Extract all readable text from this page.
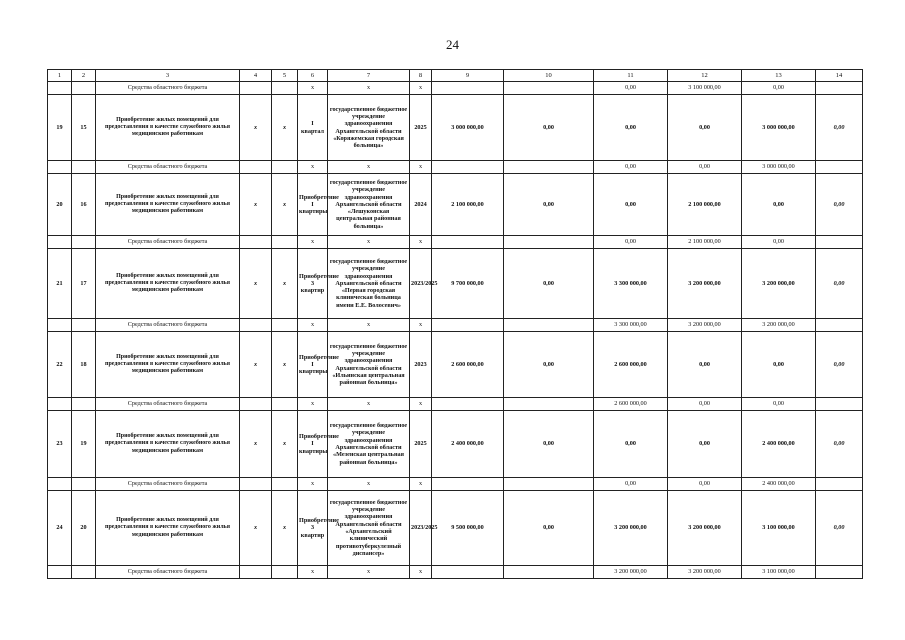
24
1	2	3	4	5	6	7	8	9	10	11	12	13	14
		Средства областного бюджета			х	х	х			0,00	3 100 000,00	0,00	
19	15	Приобретение жилых помещений для предоставления в качестве служебного жилья медицинским работникам	х	х	I квартал	государственное бюджетное учреждение здравоохранения Архангельской области «Коряжемская городская больница»	2025	3 000 000,00	0,00	0,00	0,00	3 000 000,00	0,00
		Средства областного бюджета			х	х	х			0,00	0,00	3 000 000,00	
20	16	Приобретение жилых помещений для предоставления в качестве служебного жилья медицинским работникам	х	х	Приобретение I квартиры	государственное бюджетное учреждение здравоохранения Архангельской области «Лешуконская центральная районная больница»	2024	2 100 000,00	0,00	0,00	2 100 000,00	0,00	0,00
		Средства областного бюджета			х	х	х			0,00	2 100 000,00	0,00	
21	17	Приобретение жилых помещений для предоставления в качестве служебного жилья медицинским работникам	х	х	Приобретение 3 квартир	государственное бюджетное учреждение здравоохранения Архангельской области «Первая городская клиническая больница имени Е.Е. Волосевич»	2023/2025	9 700 000,00	0,00	3 300 000,00	3 200 000,00	3 200 000,00	0,00
		Средства областного бюджета			х	х	х			3 300 000,00	3 200 000,00	3 200 000,00	
22	18	Приобретение жилых помещений для предоставления в качестве служебного жилья медицинским работникам	х	х	Приобретение I квартиры	государственное бюджетное учреждение здравоохранения Архангельской области «Ильинская центральная районная больница»	2023	2 600 000,00	0,00	2 600 000,00	0,00	0,00	0,00
		Средства областного бюджета			х	х	х			2 600 000,00	0,00	0,00	
23	19	Приобретение жилых помещений для предоставления в качестве служебного жилья медицинским работникам	х	х	Приобретение I квартиры	государственное бюджетное учреждение здравоохранения Архангельской области «Мезенская центральная районная больница»	2025	2 400 000,00	0,00	0,00	0,00	2 400 000,00	0,00
		Средства областного бюджета			х	х	х			0,00	0,00	2 400 000,00	
24	20	Приобретение жилых помещений для предоставления в качестве служебного жилья медицинским работникам	х	х	Приобретение 3 квартир	государственное бюджетное учреждение здравоохранения Архангельской области «Архангельский клинический противотуберкулезный диспансер»	2023/2025	9 500 000,00	0,00	3 200 000,00	3 200 000,00	3 100 000,00	0,00
		Средства областного бюджета			х	х	х			3 200 000,00	3 200 000,00	3 100 000,00	
